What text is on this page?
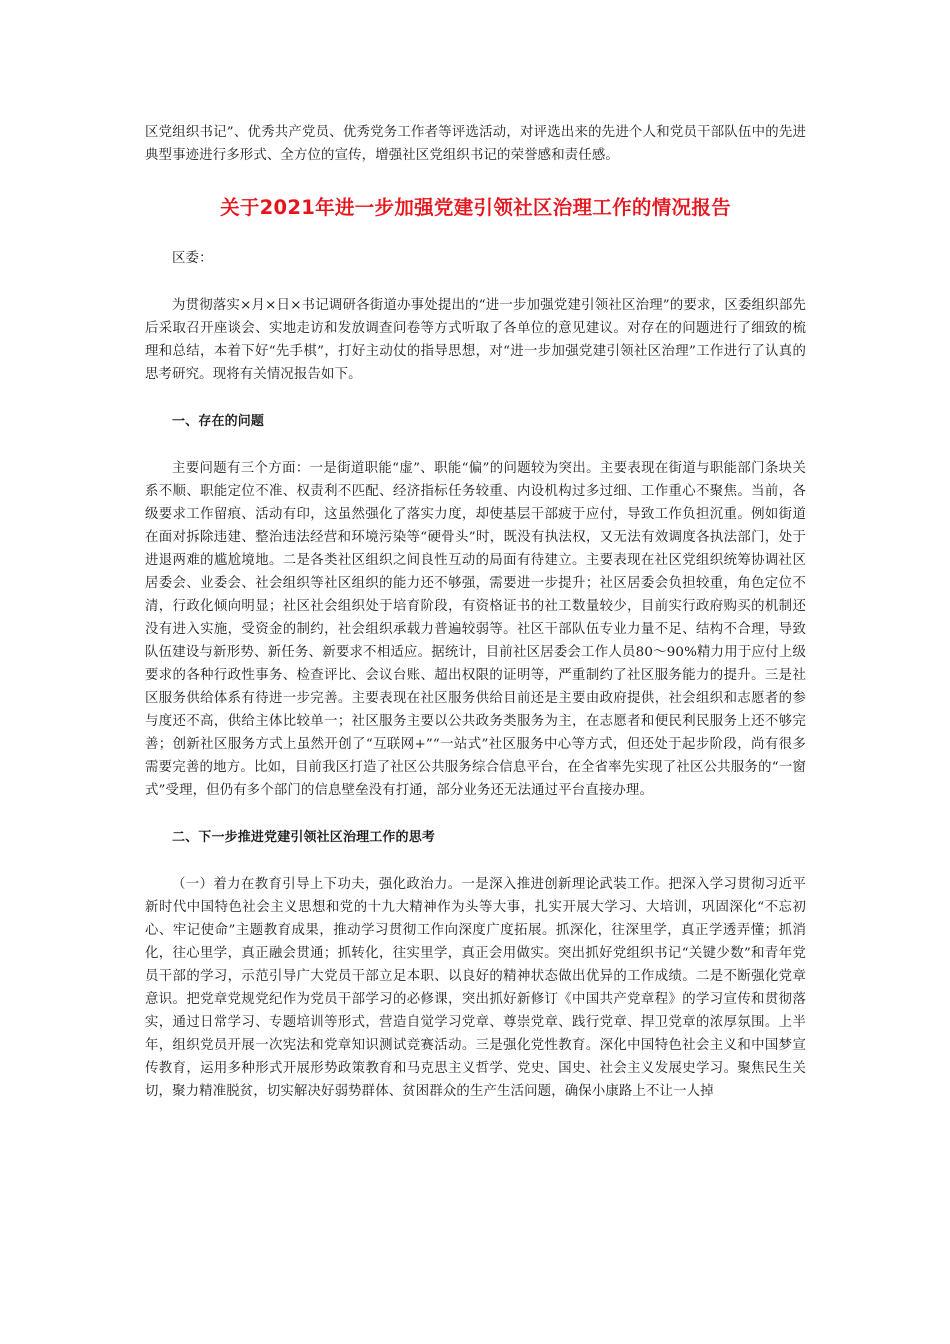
区党组织书记”、优秀共产党员、优秀党务工作者等评选活动，对评选出来的先进个人和党员干部队伍中的先进典型事迹进行多形式、全方位的宣传，增强社区党组织书记的荣誉感和责任感。

关于2021年进一步加强党建引领社区治理工作的情况报告

区委：

为贯彻落实×月×日×书记调研各街道办事处提出的“进一步加强党建引领社区治理”的要求，区委组织部先后采取召开座谈会、实地走访和发放调查问卷等方式听取了各单位的意见建议。对存在的问题进行了细致的梳理和总结，本着下好“先手棋”，打好主动仗的指导思想，对“进一步加强党建引领社区治理”工作进行了认真的思考研究。现将有关情况报告如下。

一、存在的问题

主要问题有三个方面：一是街道职能“虚”、职能“偏”的问题较为突出。主要表现在街道与职能部门条块关系不顺、职能定位不准、权责利不匹配、经济指标任务较重、内设机构过多过细、工作重心不聚焦。当前，各级要求工作留痕、活动有印，这虽然强化了落实力度，却使基层干部疲于应付，导致工作负担沉重。例如街道在面对拆除违建、整治违法经营和环境污染等“硬骨头”时，既没有执法权，又无法有效调度各执法部门，处于进退两难的尴尬境地。二是各类社区组织之间良性互动的局面有待建立。主要表现在社区党组织统筹协调社区居委会、业委会、社会组织等社区组织的能力还不够强，需要进一步提升；社区居委会负担较重，角色定位不清，行政化倾向明显；社区社会组织处于培育阶段，有资格证书的社工数量较少，目前实行政府购买的机制还没有进入实施，受资金的制约，社会组织承载力普遍较弱等。社区干部队伍专业力量不足、结构不合理，导致队伍建设与新形势、新任务、新要求不相适应。据统计，目前社区居委会工作人员80～90%精力用于应付上级要求的各种行政性事务、检查评比、会议台账、超出权限的证明等，严重制约了社区服务能力的提升。三是社区服务供给体系有待进一步完善。主要表现在社区服务供给目前还是主要由政府提供，社会组织和志愿者的参与度还不高，供给主体比较单一；社区服务主要以公共政务类服务为主，在志愿者和便民利民服务上还不够完善；创新社区服务方式上虽然开创了“互联网+”“一站式”社区服务中心等方式，但还处于起步阶段，尚有很多需要完善的地方。比如，目前我区打造了社区公共服务综合信息平台，在全省率先实现了社区公共服务的“一窗式”受理，但仍有多个部门的信息壁垒没有打通，部分业务还无法通过平台直接办理。

二、下一步推进党建引领社区治理工作的思考

（一）着力在教育引导上下功夫，强化政治力。一是深入推进创新理论武装工作。把深入学习贯彻习近平新时代中国特色社会主义思想和党的十九大精神作为头等大事，扎实开展大学习、大培训，巩固深化“不忘初心、牢记使命”主题教育成果，推动学习贯彻工作向深度广度拓展。抓深化，往深里学，真正学透弄懂；抓消化，往心里学，真正融会贯通；抓转化，往实里学，真正会用做实。突出抓好党组织书记“关键少数”和青年党员干部的学习，示范引导广大党员干部立足本职、以良好的精神状态做出优异的工作成绩。二是不断强化党章意识。把党章党规党纪作为党员干部学习的必修课，突出抓好新修订《中国共产党章程》的学习宣传和贯彻落实，通过日常学习、专题培训等形式，营造自觉学习党章、尊崇党章、践行党章、捍卫党章的浓厚氛围。上半年，组织党员开展一次宪法和党章知识测试竞赛活动。三是强化党性教育。深化中国特色社会主义和中国梦宣传教育，运用多种形式开展形势政策教育和马克思主义哲学、党史、国史、社会主义发展史学习。聚焦民生关切，聚力精准脱贫，切实解决好弱势群体、贫困群众的生产生活问题，确保小康路上不让一人掉
